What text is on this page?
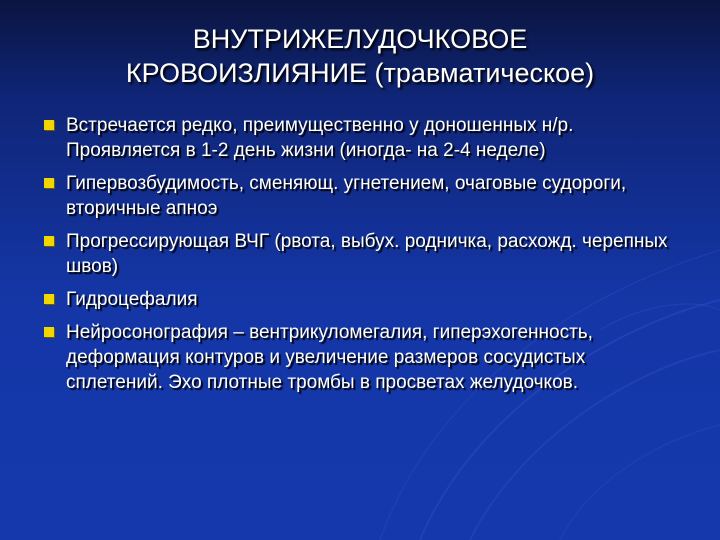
ВНУТРИЖЕЛУДОЧКОВОЕ
КРОВОИЗЛИЯНИЕ (травматическое)
Встречается редко, преимущественно у доношенных н/р. Проявляется в 1-2 день жизни (иногда- на 2-4 неделе)
Гипервозбудимость, сменяющ. угнетением, очаговые судороги, вторичные апноэ
Прогрессирующая ВЧГ (рвота, выбух. родничка, расхожд. черепных швов)
Гидроцефалия
Нейросонография – вентрикуломегалия, гиперэхогенность, деформация контуров и увеличение размеров сосудистых сплетений. Эхо плотные тромбы в просветах желудочков.
